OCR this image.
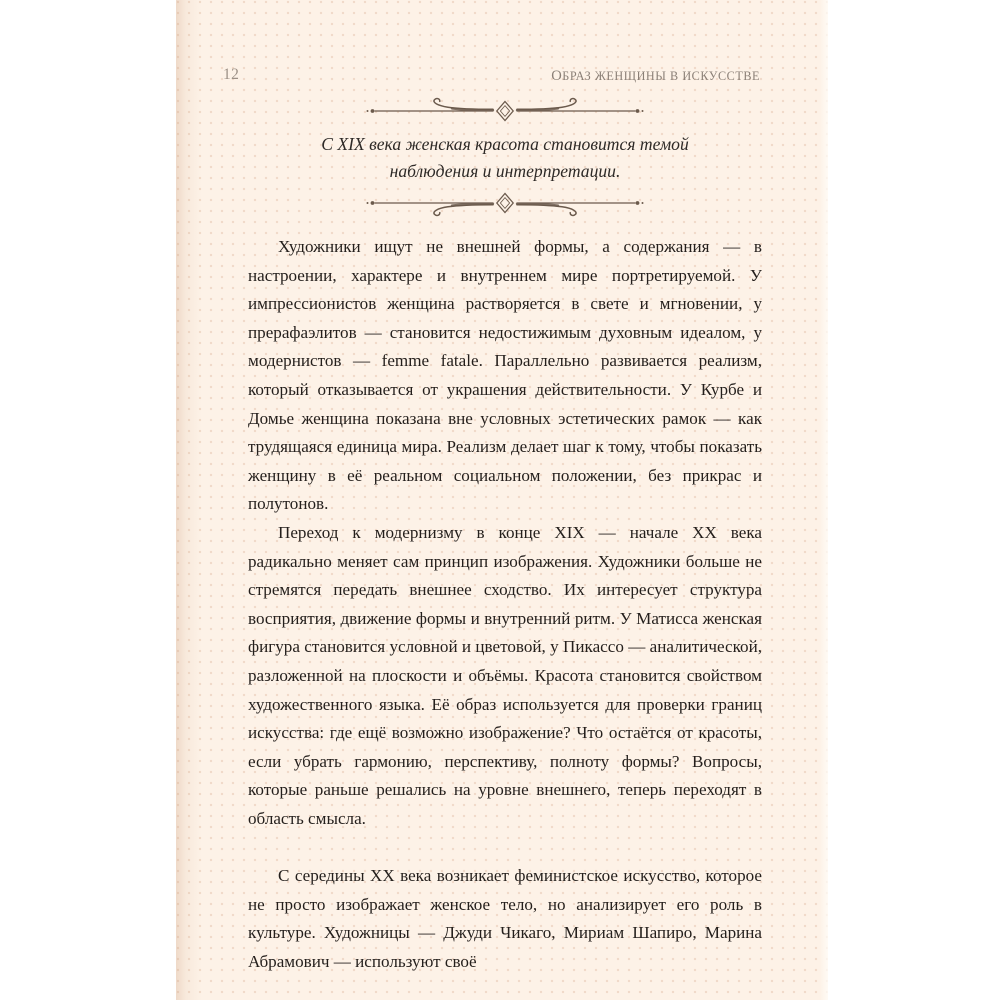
12	ОБРАЗ ЖЕНЩИНЫ В ИСКУССТВЕ
С XIX века женская красота становится темой наблюдения и интерпретации.

Художники ищут не внешней формы, а содержания — в настроении, характере и внутреннем мире портретируемой. У импрессионистов женщина растворяется в свете и мгновении, у прерафаэлитов — становится недостижимым духовным идеалом, у модернистов — femme fatale. Параллельно развивается реализм, который отказывается от украшения действительности. У Курбе и Домье женщина показана вне условных эстетических рамок — как трудящаяся единица мира. Реализм делает шаг к тому, чтобы показать женщину в её реальном социальном положении, без прикрас и полутонов.

Переход к модернизму в конце XIX — начале XX века радикально меняет сам принцип изображения. Художники больше не стремятся передать внешнее сходство. Их интересует структура восприятия, движение формы и внутренний ритм. У Матисса женская фигура становится условной и цветовой, у Пикассо — аналитической, разложенной на плоскости и объёмы. Красота становится свойством художественного языка. Её образ используется для проверки границ искусства: где ещё возможно изображение? Что остаётся от красоты, если убрать гармонию, перспективу, полноту формы? Вопросы, которые раньше решались на уровне внешнего, теперь переходят в область смысла.

С середины XX века возникает феминистское искусство, которое не просто изображает женское тело, но анализирует его роль в культуре. Художницы — Джуди Чикаго, Мириам Шапиро, Марина Абрамович — используют своё
